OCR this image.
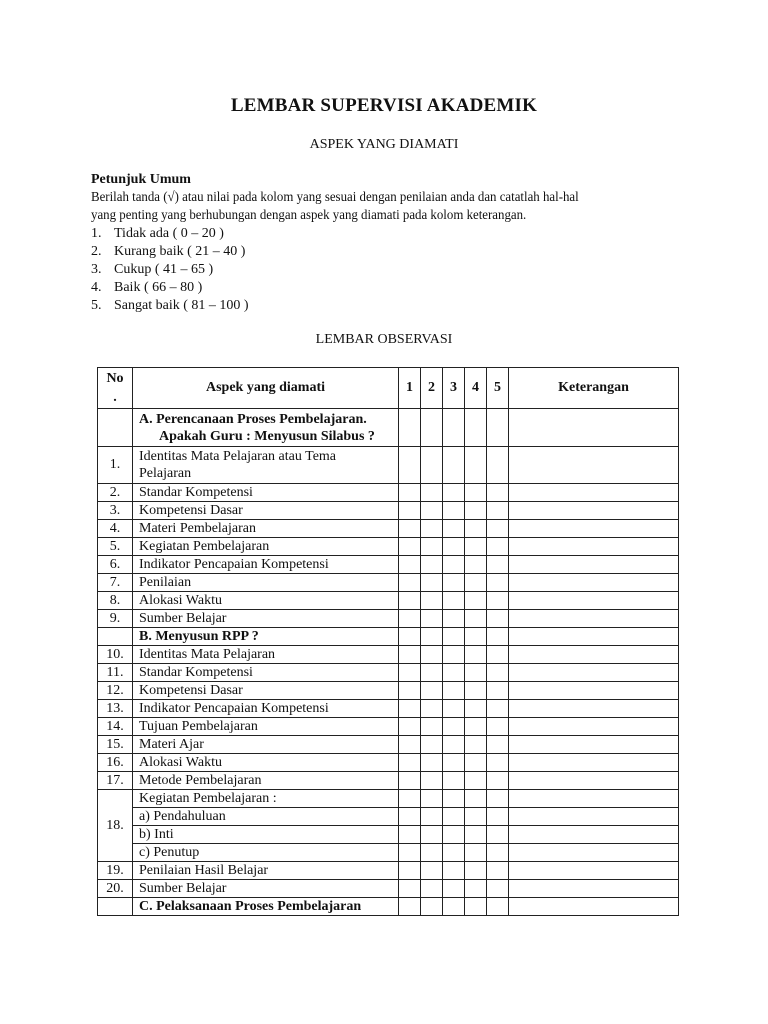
LEMBAR SUPERVISI AKADEMIK
ASPEK YANG DIAMATI
Petunjuk Umum
Berilah tanda (√) atau nilai pada kolom yang sesuai dengan penilaian anda dan catatlah hal-hal
yang penting yang berhubungan dengan aspek yang diamati pada kolom keterangan.
1. Tidak ada ( 0 – 20 )
2. Kurang baik ( 21 – 40 )
3. Cukup ( 41 – 65 )
4. Baik ( 66 – 80 )
5. Sangat baik ( 81 – 100 )
LEMBAR OBSERVASI
No .	Aspek yang diamati	1	2	3	4	5	Keterangan

	A. Perencanaan Proses Pembelajaran.
Apakah Guru : Menyusun Silabus ?						

1.	Identitas Mata Pelajaran atau Tema
Pelajaran						

2.	Standar Kompetensi						
3.	Kompetensi Dasar						
4.	Materi Pembelajaran						
5.	Kegiatan Pembelajaran						
6.	Indikator Pencapaian Kompetensi						
7.	Penilaian						
8.	Alokasi Waktu						
9.	Sumber Belajar						
	B. Menyusun RPP ?						
10.	Identitas Mata Pelajaran						
11.	Standar Kompetensi						
12.	Kompetensi Dasar						
13.	Indikator Pencapaian Kompetensi						
14.	Tujuan Pembelajaran						
15.	Materi Ajar						
16.	Alokasi Waktu						
17.	Metode Pembelajaran						
18.	Kegiatan Pembelajaran :						
	a) Pendahuluan						
	b) Inti						
	c) Penutup						
19.	Penilaian Hasil Belajar						
20.	Sumber Belajar						
	C. Pelaksanaan Proses Pembelajaran						
